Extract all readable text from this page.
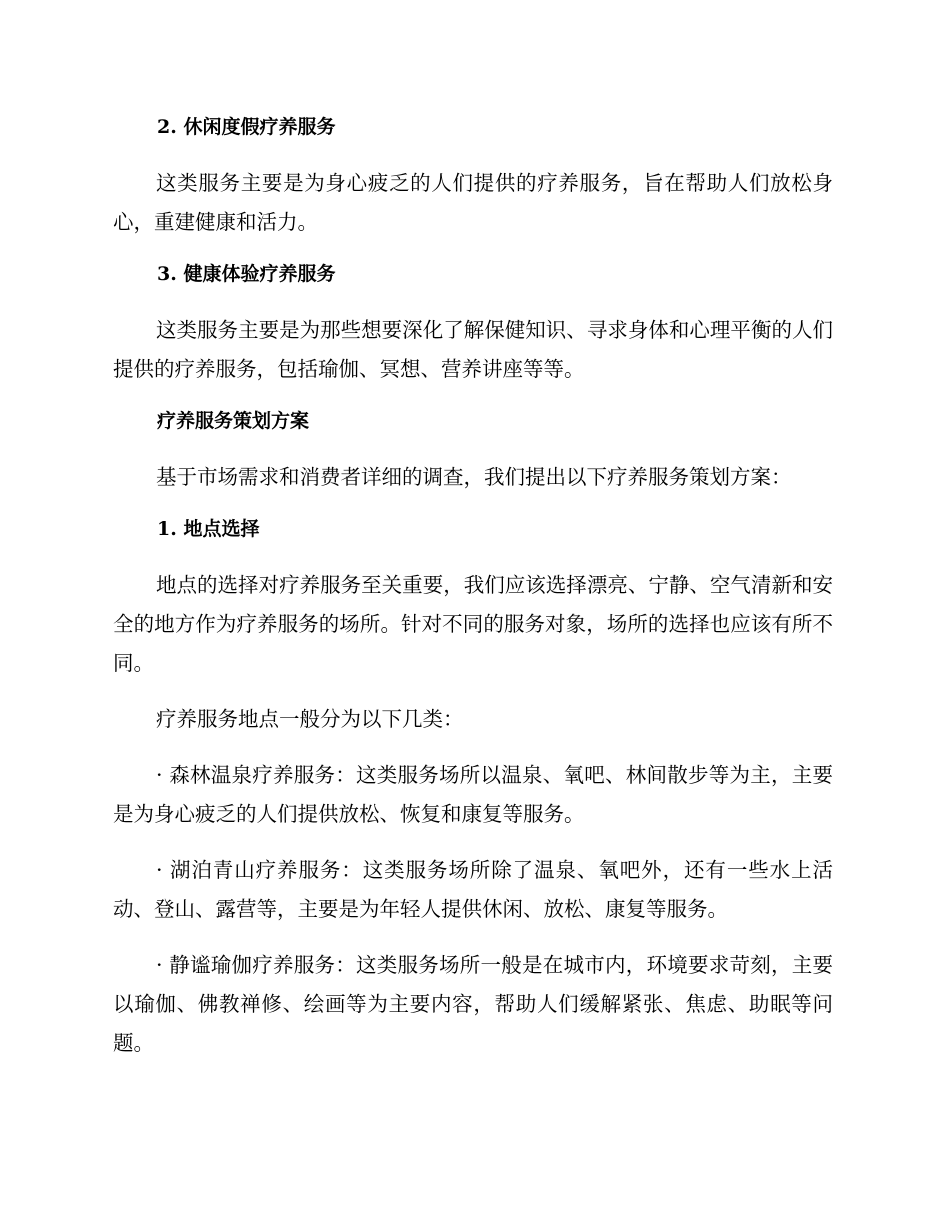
2. 休闲度假疗养服务
这类服务主要是为身心疲乏的人们提供的疗养服务，旨在帮助人们放松身心，重建健康和活力。
3. 健康体验疗养服务
这类服务主要是为那些想要深化了解保健知识、寻求身体和心理平衡的人们提供的疗养服务，包括瑜伽、冥想、营养讲座等等。
疗养服务策划方案
基于市场需求和消费者详细的调查，我们提出以下疗养服务策划方案：
1. 地点选择
地点的选择对疗养服务至关重要，我们应该选择漂亮、宁静、空气清新和安全的地方作为疗养服务的场所。针对不同的服务对象，场所的选择也应该有所不同。
疗养服务地点一般分为以下几类：
· 森林温泉疗养服务：这类服务场所以温泉、氧吧、林间散步等为主，主要是为身心疲乏的人们提供放松、恢复和康复等服务。
· 湖泊青山疗养服务：这类服务场所除了温泉、氧吧外，还有一些水上活动、登山、露营等，主要是为年轻人提供休闲、放松、康复等服务。
· 静谧瑜伽疗养服务：这类服务场所一般是在城市内，环境要求苛刻，主要以瑜伽、佛教禅修、绘画等为主要内容，帮助人们缓解紧张、焦虑、助眠等问题。
